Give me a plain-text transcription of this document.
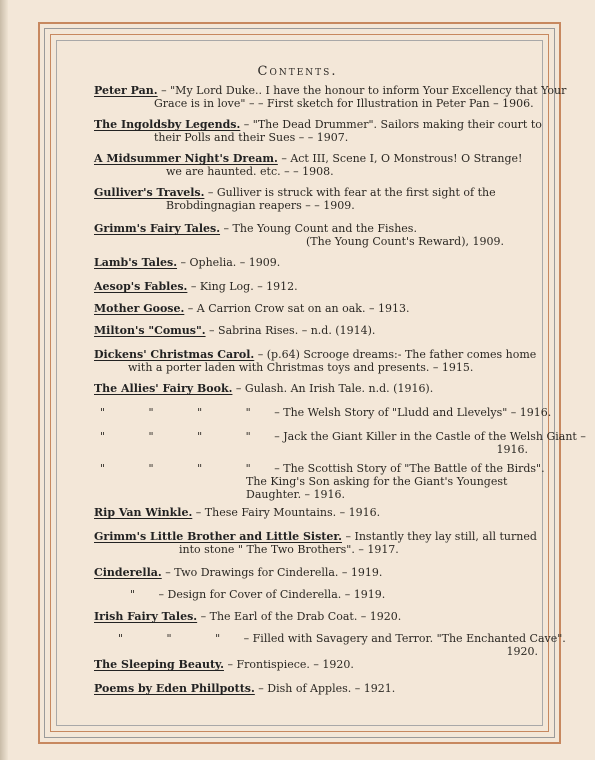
Contents.
Peter Pan. – "My Lord Duke.. I have the honour to inform Your Excellency that Your
Grace is in love" – – First sketch for Illustration in Peter Pan – 1906.
The Ingoldsby Legends. – "The Dead Drummer". Sailors making their court to
their Polls and their Sues – – 1907.
A Midsummer Night's Dream. – Act III, Scene I, O Monstrous! O Strange!
we are haunted. etc. – – 1908.
Gulliver's Travels. – Gulliver is struck with fear at the first sight of the
Brobdingnagian reapers – – 1909.
Grimm's Fairy Tales. – The Young Count and the Fishes.
(The Young Count's Reward), 1909.
Lamb's Tales. – Ophelia. – 1909.
Aesop's Fables. – King Log. – 1912.
Mother Goose. – A Carrion Crow sat on an oak. – 1913.
Milton's "Comus". – Sabrina Rises. – n.d. (1914).
Dickens' Christmas Carol. – (p.64) Scrooge dreams:- The father comes home
with a porter laden with Christmas toys and presents. – 1915.
The Allies' Fairy Book. – Gulash. An Irish Tale. n.d. (1916).
" " " " – The Welsh Story of "Lludd and Llevelys" – 1916.
" " " " – Jack the Giant Killer in the Castle of the Welsh Giant –
1916.
" " " " – The Scottish Story of "The Battle of the Birds".
The King's Son asking for the Giant's Youngest
Daughter. – 1916.
Rip Van Winkle. – These Fairy Mountains. – 1916.
Grimm's Little Brother and Little Sister. – Instantly they lay still, all turned
into stone " The Two Brothers". – 1917.
Cinderella. – Two Drawings for Cinderella. – 1919.
" – Design for Cover of Cinderella. – 1919.
Irish Fairy Tales. – The Earl of the Drab Coat. – 1920.
" " " – Filled with Savagery and Terror. "The Enchanted Cave".
1920.
The Sleeping Beauty. – Frontispiece. – 1920.
Poems by Eden Phillpotts. – Dish of Apples. – 1921.
